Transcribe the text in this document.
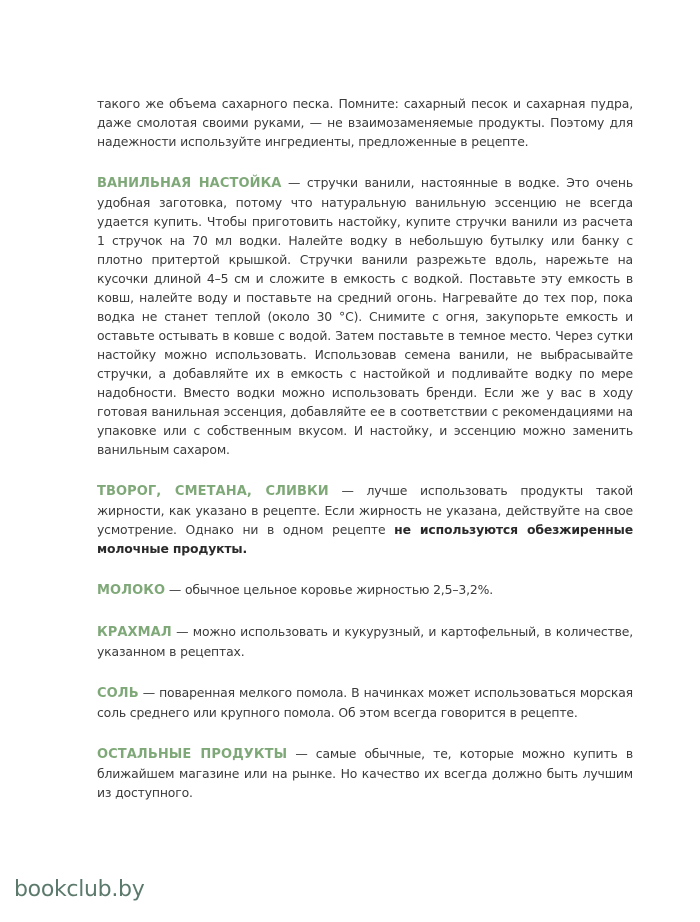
такого же объема сахарного песка. Помните: сахарный песок и сахарная пудра, даже смолотая своими руками, — не взаимозаменяемые продукты. Поэтому для надежности используйте ингредиенты, предложенные в рецепте.

ВАНИЛЬНАЯ НАСТОЙКА — стручки ванили, настоянные в водке. Это очень удобная заготовка, потому что натуральную ванильную эссенцию не всегда удается купить. Чтобы приготовить настойку, купите стручки ванили из расчета 1 стручок на 70 мл водки. Налейте водку в небольшую бутылку или банку с плотно притертой крышкой. Стручки ванили разрежьте вдоль, нарежьте на кусочки длиной 4–5 см и сложите в емкость с водкой. Поставьте эту емкость в ковш, налейте воду и поставьте на средний огонь. Нагревайте до тех пор, пока водка не станет теплой (около 30 °С). Снимите с огня, закупорьте емкость и оставьте остывать в ковше с водой. Затем поставьте в темное место. Через сутки настойку можно использовать. Использовав семена ванили, не выбрасывайте стручки, а добавляйте их в емкость с настойкой и подливайте водку по мере надобности. Вместо водки можно использовать бренди. Если же у вас в ходу готовая ванильная эссенция, добавляйте ее в соответствии с рекомендациями на упаковке или с собственным вкусом. И настойку, и эссенцию можно заменить ванильным сахаром.

ТВОРОГ, СМЕТАНА, СЛИВКИ — лучше использовать продукты такой жирности, как указано в рецепте. Если жирность не указана, действуйте на свое усмотрение. Однако ни в одном рецепте не используются обезжиренные молочные продукты.

МОЛОКО — обычное цельное коровье жирностью 2,5–3,2%.

КРАХМАЛ — можно использовать и кукурузный, и картофельный, в количестве, указанном в рецептах.

СОЛЬ — поваренная мелкого помола. В начинках может использоваться морская соль среднего или крупного помола. Об этом всегда говорится в рецепте.

ОСТАЛЬНЫЕ ПРОДУКТЫ — самые обычные, те, которые можно купить в ближайшем магазине или на рынке. Но качество их всегда должно быть лучшим из доступного.

bookclub.by
